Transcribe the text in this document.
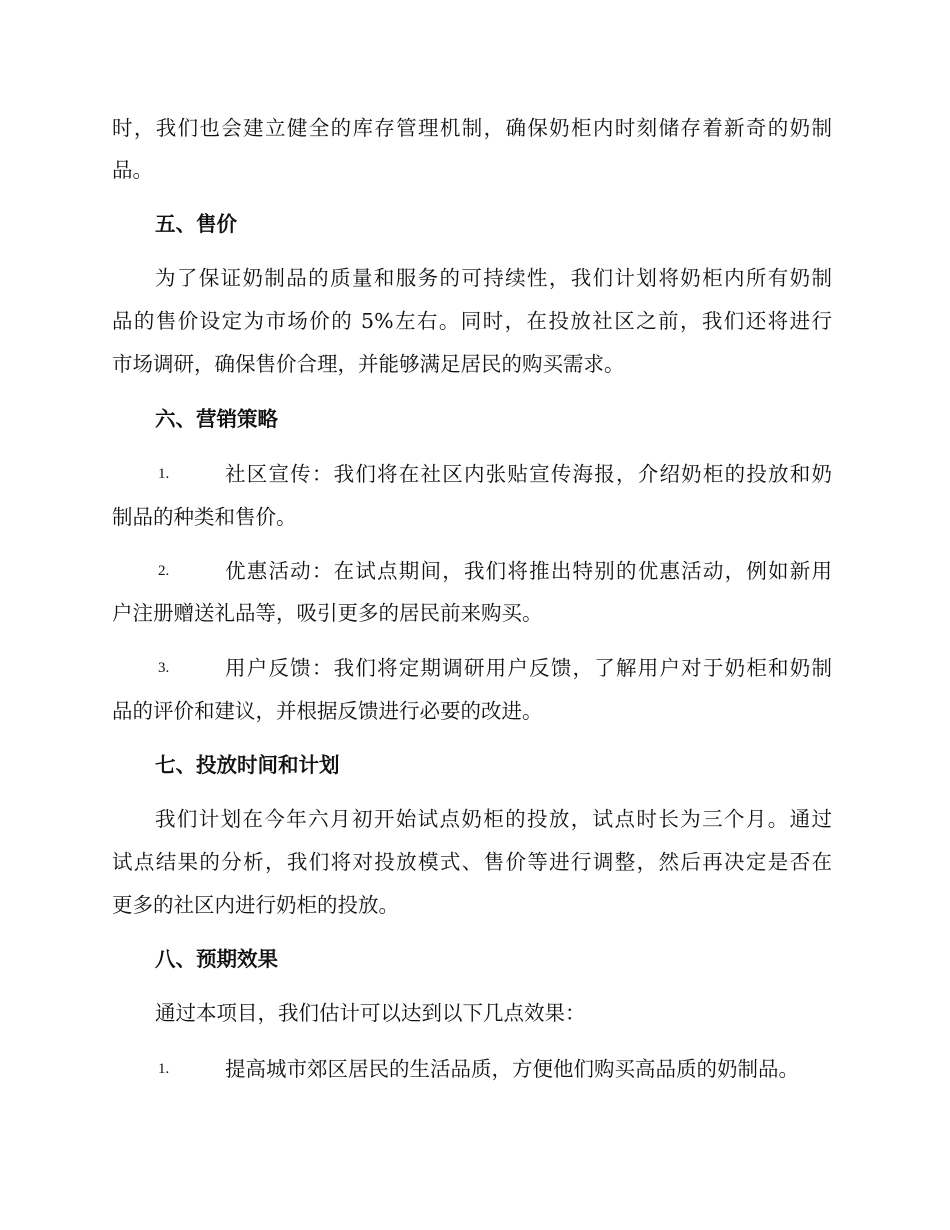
时，我们也会建立健全的库存管理机制，确保奶柜内时刻储存着新奇的奶制
品。
五、售价
为了保证奶制品的质量和服务的可持续性，我们计划将奶柜内所有奶制
品的售价设定为市场价的 5%左右。同时，在投放社区之前，我们还将进行
市场调研，确保售价合理，并能够满足居民的购买需求。
六、营销策略
1.	社区宣传：我们将在社区内张贴宣传海报，介绍奶柜的投放和奶
制品的种类和售价。
2.	优惠活动：在试点期间，我们将推出特别的优惠活动，例如新用
户注册赠送礼品等，吸引更多的居民前来购买。
3.	用户反馈：我们将定期调研用户反馈，了解用户对于奶柜和奶制
品的评价和建议，并根据反馈进行必要的改进。
七、投放时间和计划
我们计划在今年六月初开始试点奶柜的投放，试点时长为三个月。通过
试点结果的分析，我们将对投放模式、售价等进行调整，然后再决定是否在
更多的社区内进行奶柜的投放。
八、预期效果
通过本项目，我们估计可以达到以下几点效果：
1.	提高城市郊区居民的生活品质，方便他们购买高品质的奶制品。
